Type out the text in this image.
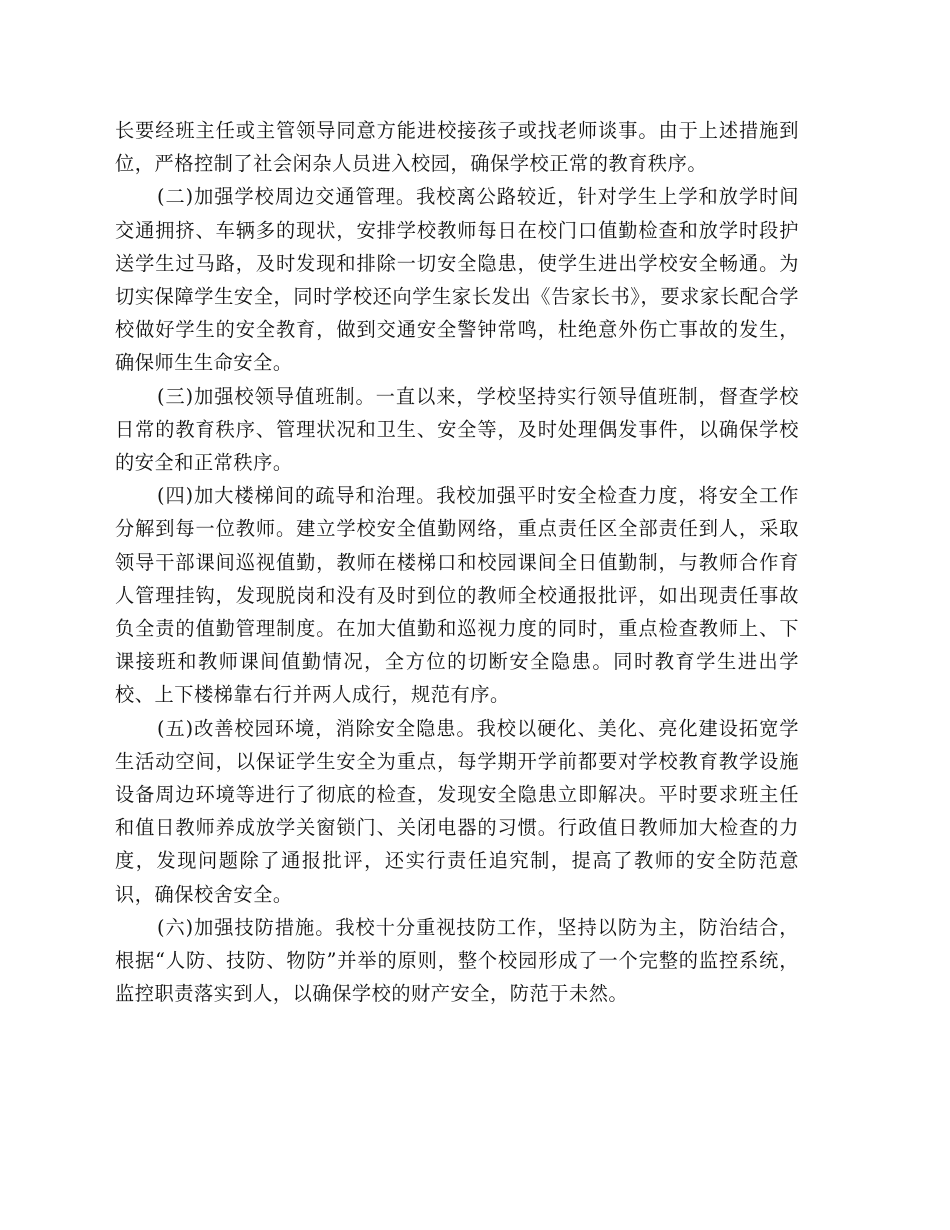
长要经班主任或主管领导同意方能进校接孩子或找老师谈事。由于上述措施到位，严格控制了社会闲杂人员进入校园，确保学校正常的教育秩序。

(二)加强学校周边交通管理。我校离公路较近，针对学生上学和放学时间交通拥挤、车辆多的现状，安排学校教师每日在校门口值勤检查和放学时段护送学生过马路，及时发现和排除一切安全隐患，使学生进出学校安全畅通。为切实保障学生安全，同时学校还向学生家长发出《告家长书》，要求家长配合学校做好学生的安全教育，做到交通安全警钟常鸣，杜绝意外伤亡事故的发生，确保师生生命安全。

(三)加强校领导值班制。一直以来，学校坚持实行领导值班制，督查学校日常的教育秩序、管理状况和卫生、安全等，及时处理偶发事件，以确保学校的安全和正常秩序。

(四)加大楼梯间的疏导和治理。我校加强平时安全检查力度，将安全工作分解到每一位教师。建立学校安全值勤网络，重点责任区全部责任到人，采取领导干部课间巡视值勤，教师在楼梯口和校园课间全日值勤制，与教师合作育人管理挂钩，发现脱岗和没有及时到位的教师全校通报批评，如出现责任事故负全责的值勤管理制度。在加大值勤和巡视力度的同时，重点检查教师上、下课接班和教师课间值勤情况，全方位的切断安全隐患。同时教育学生进出学校、上下楼梯靠右行并两人成行，规范有序。

(五)改善校园环境，消除安全隐患。我校以硬化、美化、亮化建设拓宽学生活动空间，以保证学生安全为重点，每学期开学前都要对学校教育教学设施设备周边环境等进行了彻底的检查，发现安全隐患立即解决。平时要求班主任和值日教师养成放学关窗锁门、关闭电器的习惯。行政值日教师加大检查的力度，发现问题除了通报批评，还实行责任追究制，提高了教师的安全防范意识，确保校舍安全。

(六)加强技防措施。我校十分重视技防工作，坚持以防为主，防治结合，根据“人防、技防、物防”并举的原则，整个校园形成了一个完整的监控系统，监控职责落实到人，以确保学校的财产安全，防范于未然。
